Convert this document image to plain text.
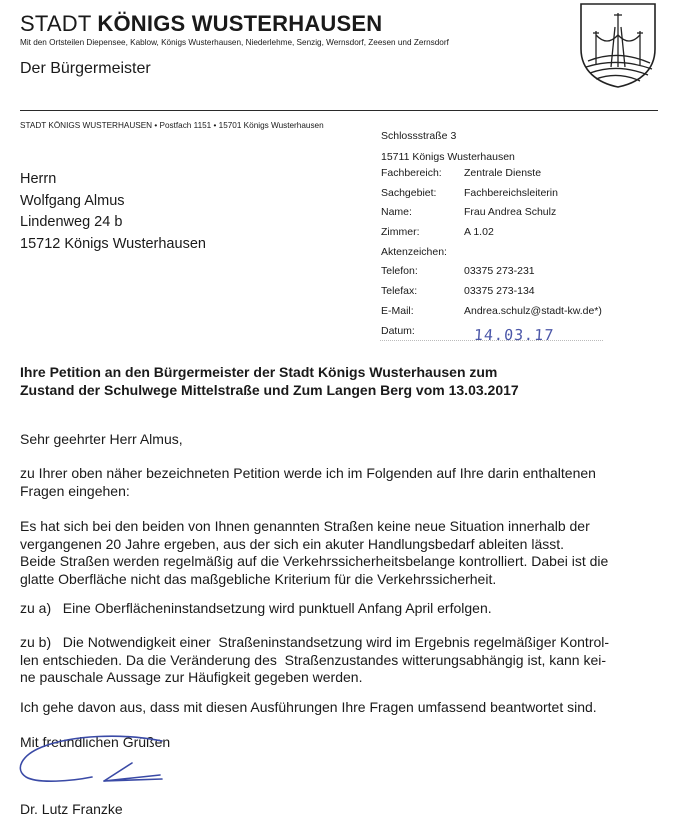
STADT KÖNIGS WUSTERHAUSEN
Mit den Ortsteilen Diepensee, Kablow, Königs Wusterhausen, Niederlehme, Senzig, Wernsdorf, Zeesen und Zernsdorf
Der Bürgermeister
STADT KÖNIGS WUSTERHAUSEN • Postfach 1151 • 15701 Königs Wusterhausen
Herrn
Wolfgang Almus
Lindenweg 24 b
15712 Königs Wusterhausen
Schlossstraße 3
15711 Königs Wusterhausen
Fachbereich: Zentrale Dienste
Sachgebiet:	Fachbereichsleiterin
Name:	Frau Andrea Schulz
Zimmer:	A 1.02
Aktenzeichen:
Telefon:	03375 273-231
Telefax:	03375 273-134
E-Mail:	Andrea.schulz@stadt-kw.de*)
Datum:	14.03.17
Ihre Petition an den Bürgermeister der Stadt Königs Wusterhausen zum
Zustand der Schulwege Mittelstraße und Zum Langen Berg vom 13.03.2017
Sehr geehrter Herr Almus,
zu Ihrer oben näher bezeichneten Petition werde ich im Folgenden auf Ihre darin enthaltenen
Fragen eingehen:
Es hat sich bei den beiden von Ihnen genannten Straßen keine neue Situation innerhalb der
vergangenen 20 Jahre ergeben, aus der sich ein akuter Handlungsbedarf ableiten lässt.
Beide Straßen werden regelmäßig auf die Verkehrssicherheitsbelange kontrolliert. Dabei ist die
glatte Oberfläche nicht das maßgebliche Kriterium für die Verkehrssicherheit.
zu a)   Eine Oberflächeninstandsetzung wird punktuell Anfang April erfolgen.
zu b)   Die Notwendigkeit einer  Straßeninstandsetzung wird im Ergebnis regelmäßiger Kontrol-
len entschieden. Da die Veränderung des  Straßenzustandes witterungsabhängig ist, kann kei-
ne pauschale Aussage zur Häufigkeit gegeben werden.
Ich gehe davon aus, dass mit diesen Ausführungen Ihre Fragen umfassend beantwortet sind.
Mit freundlichen Grüßen
Dr. Lutz Franzke
